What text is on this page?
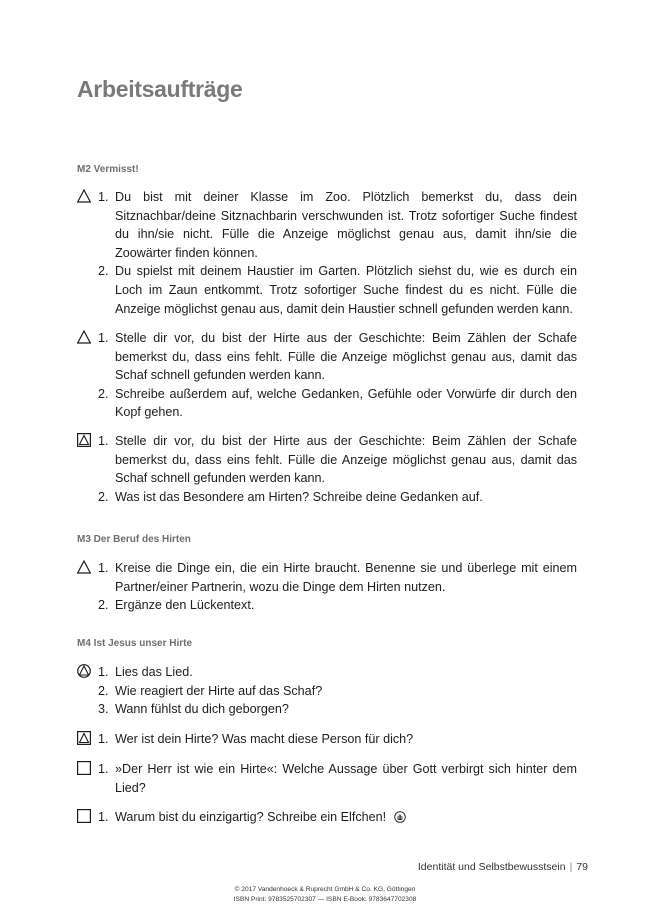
Arbeitsaufträge
M2 Vermisst!
1. Du bist mit deiner Klasse im Zoo. Plötzlich bemerkst du, dass dein Sitznachbar/deine Sitznachbarin verschwunden ist. Trotz sofortiger Suche findest du ihn/sie nicht. Fülle die Anzeige möglichst genau aus, damit ihn/sie die Zoowärter finden können.
2. Du spielst mit deinem Haustier im Garten. Plötzlich siehst du, wie es durch ein Loch im Zaun entkommt. Trotz sofortiger Suche findest du es nicht. Fülle die Anzeige möglichst genau aus, damit dein Haustier schnell gefunden werden kann.
1. Stelle dir vor, du bist der Hirte aus der Geschichte: Beim Zählen der Schafe bemerkst du, dass eins fehlt. Fülle die Anzeige möglichst genau aus, damit das Schaf schnell gefunden werden kann.
2. Schreibe außerdem auf, welche Gedanken, Gefühle oder Vorwürfe dir durch den Kopf gehen.
1. Stelle dir vor, du bist der Hirte aus der Geschichte: Beim Zählen der Schafe bemerkst du, dass eins fehlt. Fülle die Anzeige möglichst genau aus, damit das Schaf schnell gefunden werden kann.
2. Was ist das Besondere am Hirten? Schreibe deine Gedanken auf.
M3 Der Beruf des Hirten
1. Kreise die Dinge ein, die ein Hirte braucht. Benenne sie und überlege mit einem Partner/einer Partnerin, wozu die Dinge dem Hirten nutzen.
2. Ergänze den Lückentext.
M4 Ist Jesus unser Hirte
1. Lies das Lied.
2. Wie reagiert der Hirte auf das Schaf?
3. Wann fühlst du dich geborgen?
1. Wer ist dein Hirte? Was macht diese Person für dich?
1. »Der Herr ist wie ein Hirte«: Welche Aussage über Gott verbirgt sich hinter dem Lied?
1. Warum bist du einzigartig? Schreibe ein Elfchen!
Identität und Selbstbewusstsein | 79
© 2017 Vandenhoeck & Ruprecht GmbH & Co. KG, Göttingen
ISBN Print: 9783525702307 — ISBN E-Book: 9783647702308
